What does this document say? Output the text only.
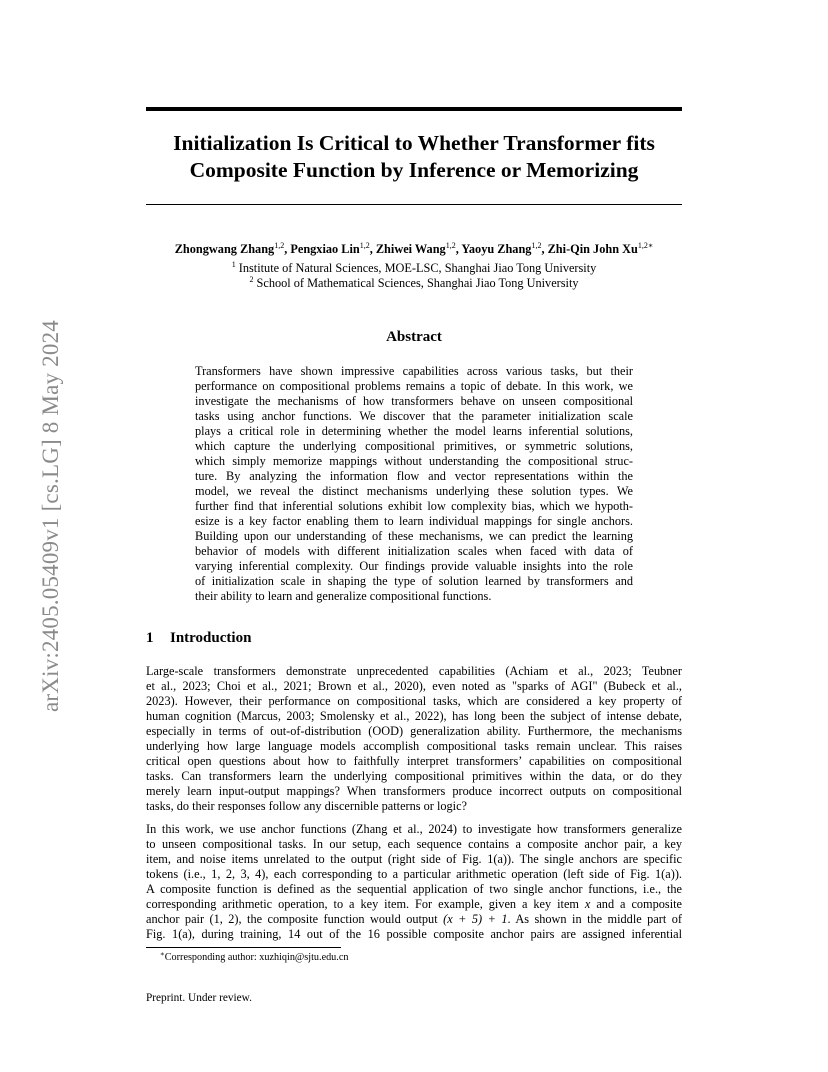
arXiv:2405.05409v1 [cs.LG] 8 May 2024
Initialization Is Critical to Whether Transformer fits
Composite Function by Inference or Memorizing
Zhongwang Zhang$^{1,2}$, Pengxiao Lin$^{1,2}$, Zhiwei Wang$^{1,2}$, Yaoyu Zhang$^{1,2}$, Zhi-Qin John $Xu^{1,2∗}$
$^1$ Institute of Natural Sciences, MOE-LSC, Shanghai Jiao Tong University
$^2$ School of Mathematical Sciences, Shanghai Jiao Tong University
Abstract
Transformers have shown impressive capabilities across various tasks, but their
performance on compositional problems remains a topic of debate. In this work, we
investigate the mechanisms of how transformers behave on unseen compositional
tasks using anchor functions. We discover that the parameter initialization scale
plays a critical role in determining whether the model learns inferential solutions,
which capture the underlying compositional primitives, or symmetric solutions,
which simply memorize mappings without understanding the compositional struc-
ture. By analyzing the information flow and vector representations within the
model, we reveal the distinct mechanisms underlying these solution types. We
further find that inferential solutions exhibit low complexity bias, which we hypoth-
esize is a key factor enabling them to learn individual mappings for single anchors.
Building upon our understanding of these mechanisms, we can predict the learning
behavior of models with different initialization scales when faced with data of
varying inferential complexity. Our findings provide valuable insights into the role
of initialization scale in shaping the type of solution learned by transformers and
their ability to learn and generalize compositional functions.
1 Introduction
Large-scale transformers demonstrate unprecedented capabilities (Achiam et al., 2023; Teubner
et al., 2023; Choi et al., 2021; Brown et al., 2020), even noted as "sparks of AGI" (Bubeck et al.,
2023). However, their performance on compositional tasks, which are considered a key property of
human cognition (Marcus, 2003; Smolensky et al., 2022), has long been the subject of intense debate,
especially in terms of out-of-distribution (OOD) generalization ability. Furthermore, the mechanisms
underlying how large language models accomplish compositional tasks remain unclear. This raises
critical open questions about how to faithfully interpret transformers’ capabilities on compositional
tasks. Can transformers learn the underlying compositional primitives within the data, or do they
merely learn input-output mappings? When transformers produce incorrect outputs on compositional
tasks, do their responses follow any discernible patterns or logic?
In this work, we use anchor functions (Zhang et al., 2024) to investigate how transformers generalize
to unseen compositional tasks. In our setup, each sequence contains a composite anchor pair, a key
item, and noise items unrelated to the output (right side of Fig. 1(a)). The single anchors are specific
tokens (i.e., 1, 2, 3, 4), each corresponding to a particular arithmetic operation (left side of Fig. 1(a)).
A composite function is defined as the sequential application of two single anchor functions, i.e., the
corresponding arithmetic operation, to a key item. For example, given a key item x and a composite
anchor pair (1, 2), the composite function would output (x + 5) + 1. As shown in the middle part of
Fig. 1(a), during training, 14 out of the 16 possible composite anchor pairs are assigned inferential
∗Corresponding author: xuzhiqin@sjtu.edu.cn
Preprint. Under review.
